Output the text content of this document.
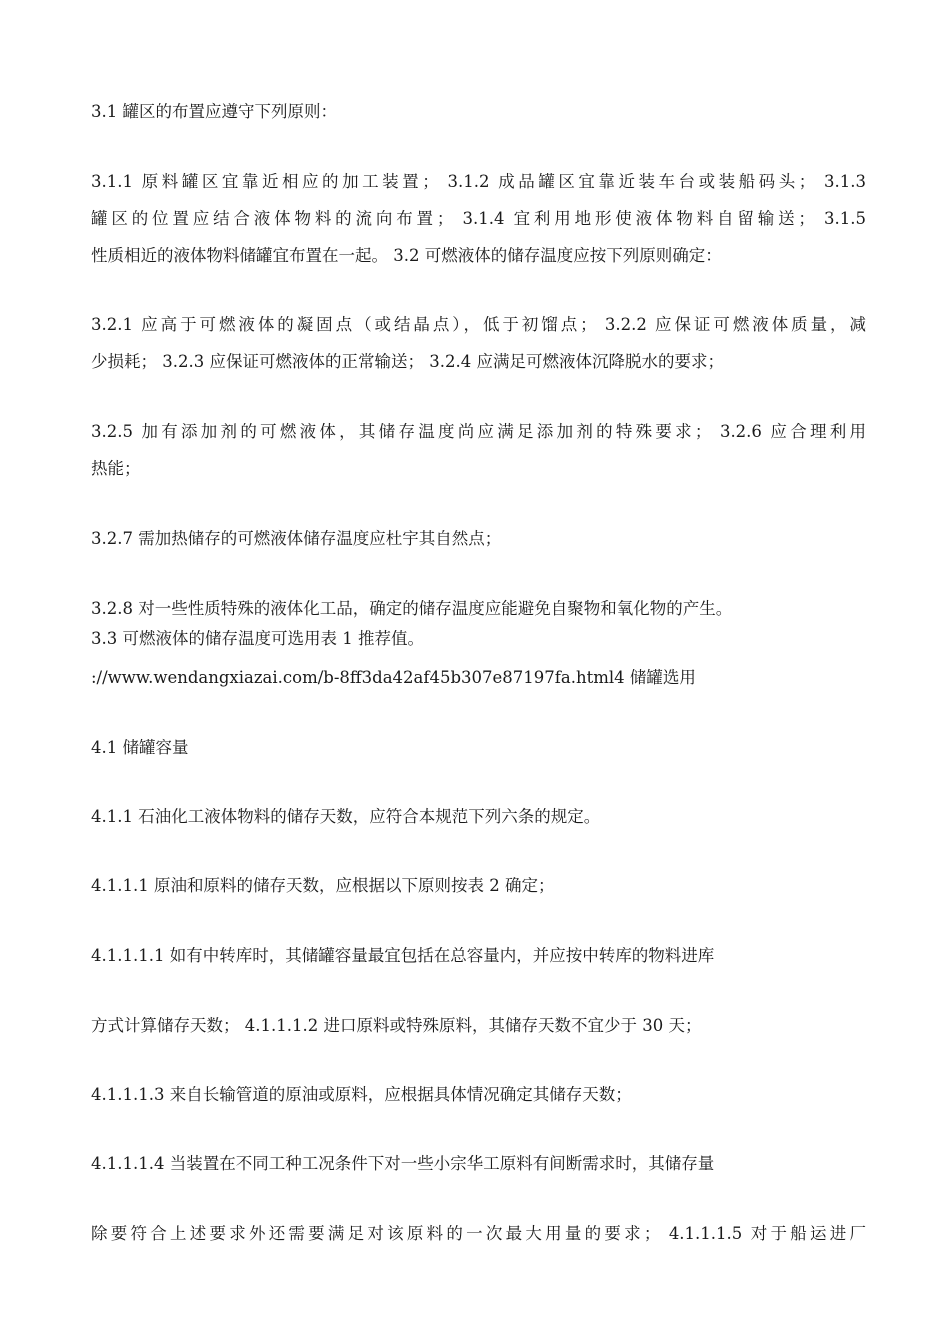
3.1 罐区的布置应遵守下列原则：
3.1.1 原料罐区宜靠近相应的加工装置； 3.1.2 成品罐区宜靠近装车台或装船码头； 3.1.3
罐区的位置应结合液体物料的流向布置； 3.1.4 宜利用地形使液体物料自留输送； 3.1.5
性质相近的液体物料储罐宜布置在一起。 3.2 可燃液体的储存温度应按下列原则确定：
3.2.1 应高于可燃液体的凝固点（或结晶点），低于初馏点； 3.2.2 应保证可燃液体质量，减
少损耗； 3.2.3 应保证可燃液体的正常输送； 3.2.4 应满足可燃液体沉降脱水的要求；
3.2.5 加有添加剂的可燃液体，其储存温度尚应满足添加剂的特殊要求； 3.2.6 应合理利用
热能；
3.2.7 需加热储存的可燃液体储存温度应杜宇其自然点；
3.2.8 对一些性质特殊的液体化工品，确定的储存温度应能避免自聚物和氧化物的产生。
3.3 可燃液体的储存温度可选用表 1 推荐值。
://www.wendangxiazai.com/b-8ff3da42af45b307e87197fa.html4 储罐选用
4.1 储罐容量
4.1.1 石油化工液体物料的储存天数，应符合本规范下列六条的规定。
4.1.1.1 原油和原料的储存天数，应根据以下原则按表 2 确定；
4.1.1.1.1 如有中转库时，其储罐容量最宜包括在总容量内，并应按中转库的物料进库
方式计算储存天数； 4.1.1.1.2 进口原料或特殊原料，其储存天数不宜少于 30 天；
4.1.1.1.3 来自长输管道的原油或原料，应根据具体情况确定其储存天数；
4.1.1.1.4 当装置在不同工种工况条件下对一些小宗华工原料有间断需求时，其储存量
除要符合上述要求外还需要满足对该原料的一次最大用量的要求； 4.1.1.1.5 对于船运进厂
